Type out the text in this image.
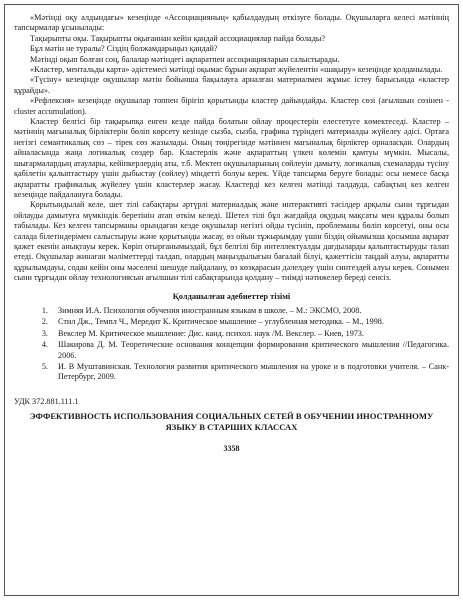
«Мәтінді оқу алдындағы» кезеңінде «Ассоциацияның» қабылдаудың өткізуге болады. Оқушыларға келесі мәтіннің тапсырмалар ұсынылады:

Тақырыпты оқы. Тақырыпты оқығаннан кейін қандай ассоциациялар пайда болады?

Бұл мәтін не туралы? Сіздің болжамдарыңыз қандай?

Мәтінді оқып болған соң, балалар мәтіндегі ақпаратпен ассоциацияларын салыстырады.

«Кластер, ментальды карта» әдістемесі мәтінді оқымас бұрын ақпарат жүйелентін «шақыру» кезеңінде қолданылады.

«Түсіну» кезеңінде оқушылар мәтін бойынша бақылауға арналған материалмен жұмыс істеу барысында «кластер құрайды».

«Рефлексия» кезеңінде оқушылар топпен бірігіп қорытынды кластер дайындайды. Кластер сөзі (ағылшын сөзінен - cluster accumulation).

Кластер белгісі бір тақырыпқа енген кезде пайда болатын ойлау процестерін елестетуге көмектеседі. Кластер – мәтіннің мағыналық бірліктерін бөліп көрсету кезінде сызба, сызба, графика түріндегі материалды жүйелеу әдісі. Ортаға негізгі семантикалық сөз – тірек сөз жазылады. Оның төңірегінде мәтіннен мағыналық бірліктер орналасқан. Олардың айналасында жаңа логикалық сөздер бар. Кластерлік және ақпараттың үлкен көлемін қамтуы мүмкін. Мысалы, шығармалардың атаулары, кейіпкерлердің аты, т.б. Мектеп оқушыларының сөйлеуін дамыту, логикалық схемаларды түсіну қабілетін қалыптастыру үшін дыбыстау (сөйлеу) міндетті болуы керек. Үйде тапсырма беруге болады: осы немесе басқа ақпаратты графикалық жүйелеу үшін кластерлер жасау. Кластерді кез келген мәтінді талдауда, сабақтың кез келген кезеңінде пайдалануға болады.

Қорытындылай келе, шет тілі сабақтары әртүрлі материалдық және интерактивті тәсілдер арқылы сыни тұрғыдан ойлауды дамытуға мүмкіндік беретінін атап өткім келеді. Шетел тілі бұл жағдайда оқудың мақсаты мен құралы болып табылады. Кез келген тапсырманы орындаған кезде оқушылар негізгі ойды түсініп, проблеманы бөліп көрсетуі, оны осы салада білетіндерімен салыстыруы және қорытынды жасау, өз ойын тұжырымдау үшін біздің ойымызша қосымша ақпарат қажет екенін анықтауы керек. Көріп отырғанымыздай, бұл белгілі бір интеллектуалды дағдыларды қалыптастыруды талап етеді. Оқушылар жинаған мәліметтерді талдап, олардың маңыздылығын бағалай білуі, қажеттісін таңдай алуы, ақпаратты құрылымдауы, содан кейін оны мәселені шешуде пайдалану, өз көзқарасын дәлелдеу үшін синтездей алуы керек. Сонымен сыни тұрғыдан ойлау технологиясын ағылшын тілі сабақтарында қолдану – тиімді нәтижелер береді сенсіз.

Қолданылған әдебиеттер тізімі
1. Зимняя И.А. Психология обучения иностранным языкам в школе. – М.: ЭКСМО, 2008.
2. Стил Дж., Темпл Ч., Мередит К. Критическое мышление – углубленная методика. – М., 1998.
3. Векслер М. Критическое мышление: Дис. канд. психол. наук /М. Векслер. – Киев, 1973.
4. Шакирова Д. М. Теоретические основания концепции формирования критического мышления //Педагогика. 2006.
5. И. В Муштавинская. Технология развития критического мышления на уроке и в подготовки учителя. – Санк- Петербург, 2009.
УДК 372.881.111.1
ЭФФЕКТИВНОСТЬ ИСПОЛЬЗОВАНИЯ СОЦИАЛЬНЫХ СЕТЕЙ В ОБУЧЕНИИ ИНОСТРАННОМУ ЯЗЫКУ В СТАРШИХ КЛАССАХ
3358
